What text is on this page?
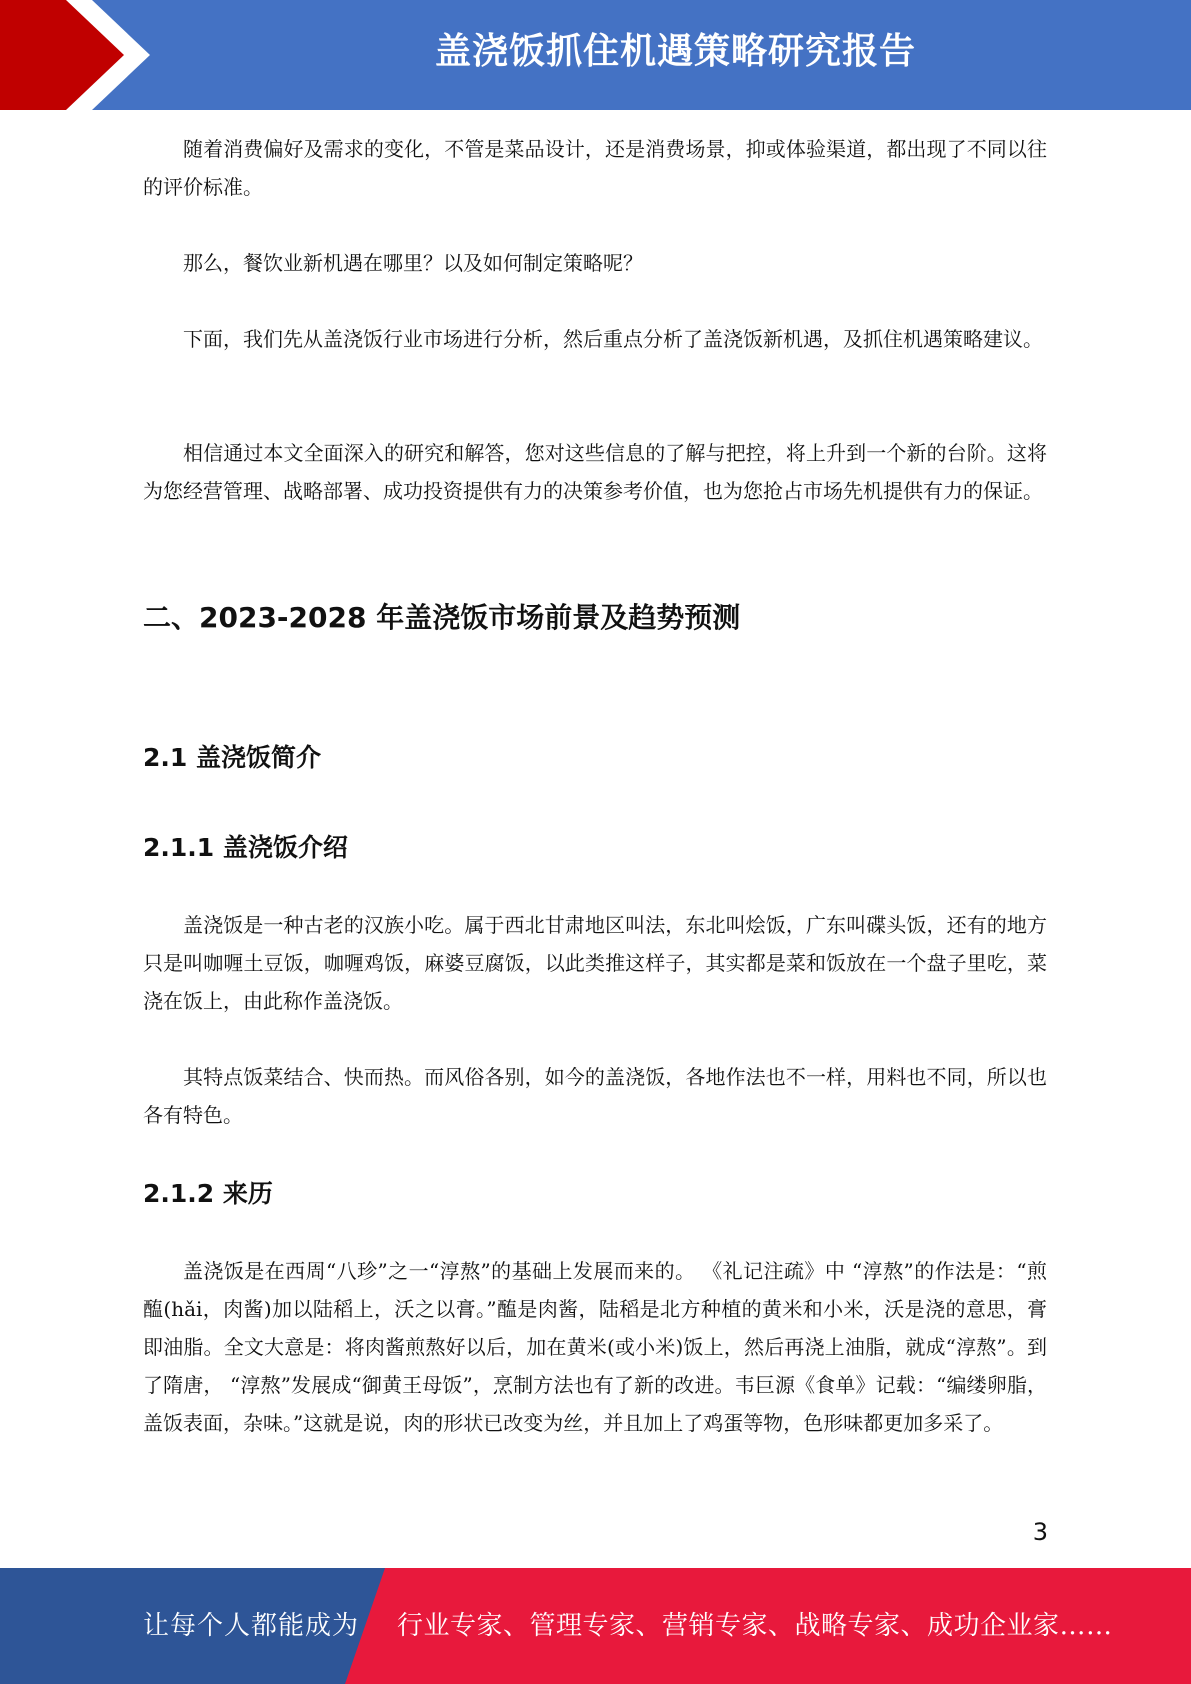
盖浇饭抓住机遇策略研究报告

随着消费偏好及需求的变化，不管是菜品设计，还是消费场景，抑或体验渠道，都出现了不同以往的评价标准。

那么，餐饮业新机遇在哪里？以及如何制定策略呢？

下面，我们先从盖浇饭行业市场进行分析，然后重点分析了盖浇饭新机遇，及抓住机遇策略建议。

相信通过本文全面深入的研究和解答，您对这些信息的了解与把控，将上升到一个新的台阶。这将为您经营管理、战略部署、成功投资提供有力的决策参考价值，也为您抢占市场先机提供有力的保证。

二、2023-2028 年盖浇饭市场前景及趋势预测
2.1 盖浇饭简介
2.1.1 盖浇饭介绍

盖浇饭是一种古老的汉族小吃。属于西北甘肃地区叫法，东北叫烩饭，广东叫碟头饭，还有的地方只是叫咖喱土豆饭，咖喱鸡饭，麻婆豆腐饭，以此类推这样子，其实都是菜和饭放在一个盘子里吃，菜浇在饭上，由此称作盖浇饭。

其特点饭菜结合、快而热。而风俗各别，如今的盖浇饭，各地作法也不一样，用料也不同，所以也各有特色。

2.1.2 来历

盖浇饭是在西周“八珍”之一“淳熬”的基础上发展而来的。 《礼记注疏》中 “淳熬”的作法是：“煎醢(hǎi，肉酱)加以陆稻上，沃之以膏。”醢是肉酱，陆稻是北方种植的黄米和小米，沃是浇的意思，膏即油脂。全文大意是：将肉酱煎熬好以后，加在黄米(或小米)饭上，然后再浇上油脂，就成“淳熬”。到了隋唐， “淳熬”发展成“御黄王母饭”，烹制方法也有了新的改进。韦巨源《食单》记载：“编缕卵脂，盖饭表面，杂味。”这就是说，肉的形状已改变为丝，并且加上了鸡蛋等物，色形味都更加多采了。

3
让每个人都能成为 行业专家、管理专家、营销专家、战略专家、成功企业家……
